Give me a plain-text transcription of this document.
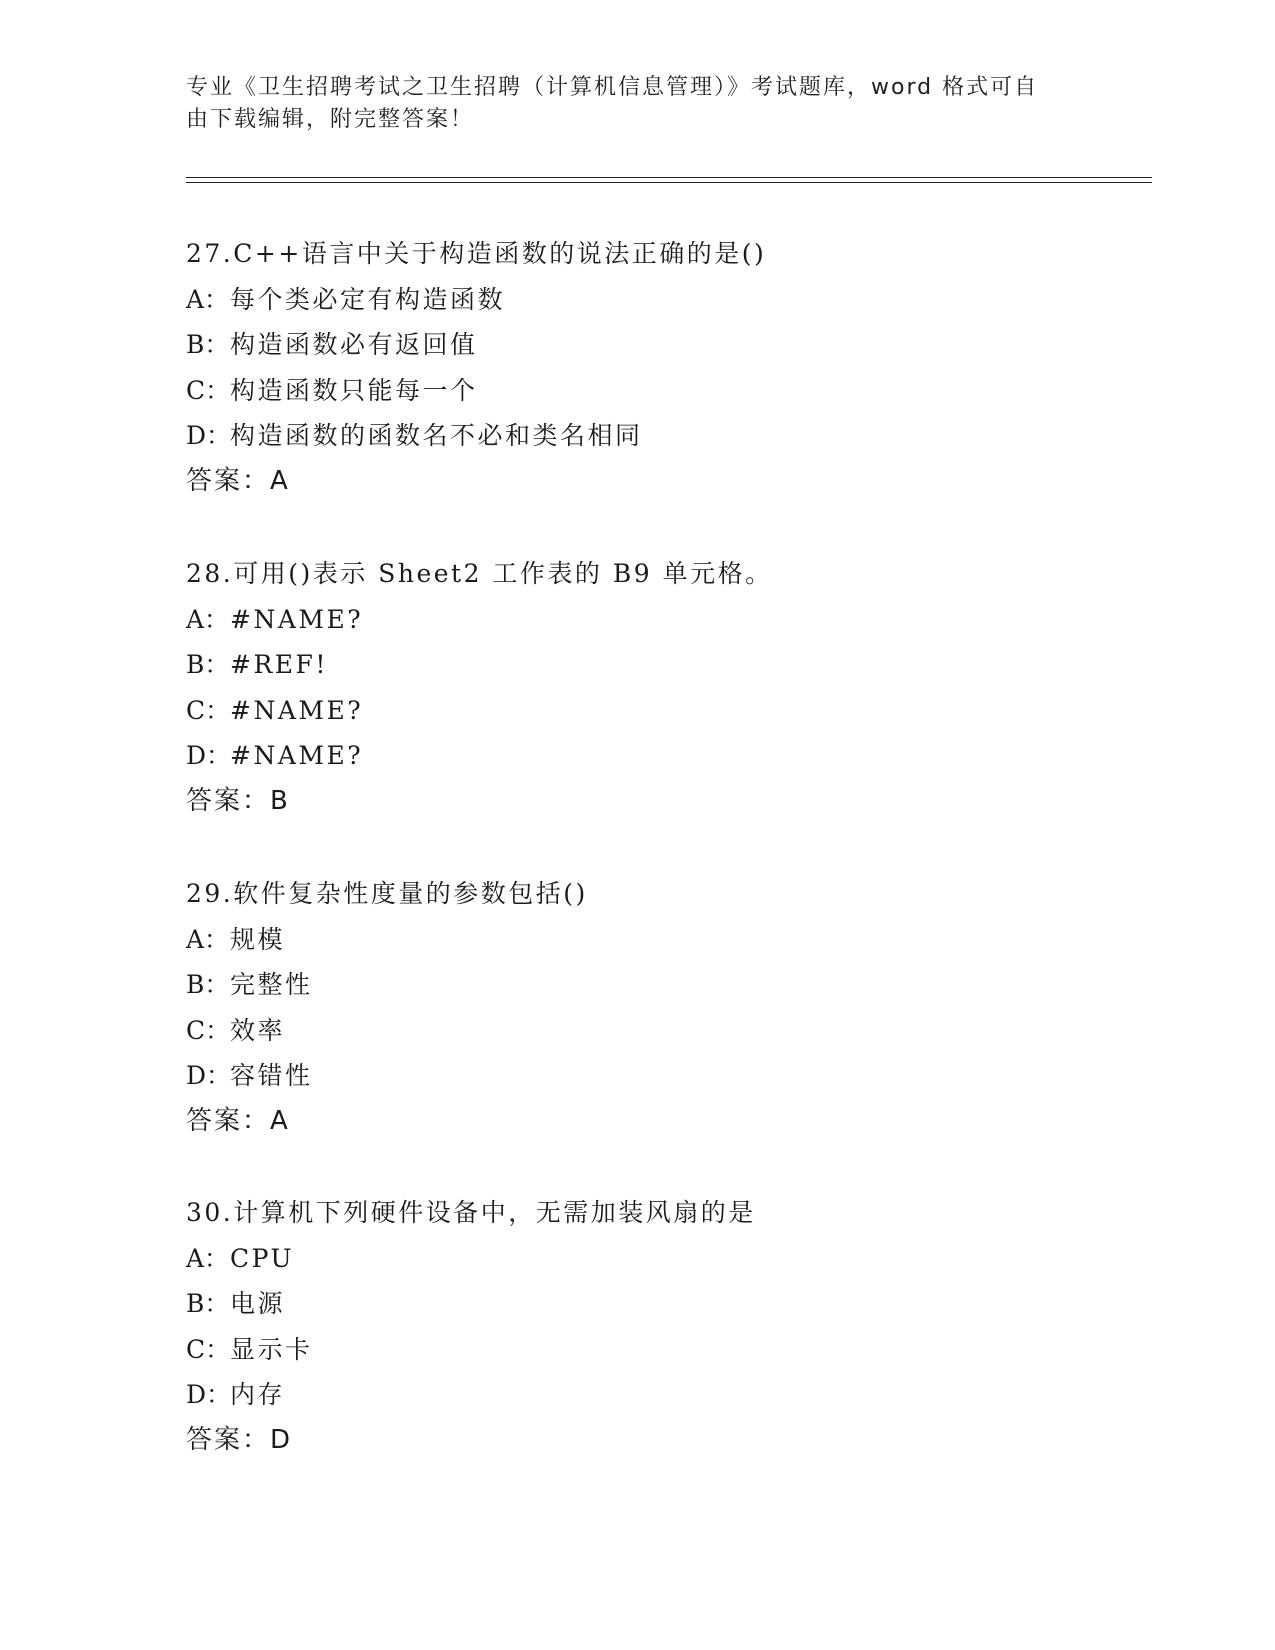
专业《卫生招聘考试之卫生招聘（计算机信息管理）》考试题库，word 格式可自

由下载编辑，附完整答案！

27.C++语言中关于构造函数的说法正确的是()
A：每个类必定有构造函数
B：构造函数必有返回值
C：构造函数只能每一个
D：构造函数的函数名不必和类名相同
答案：A
28.可用()表示 Sheet2 工作表的 B9 单元格。
A：#NAME?
B：#REF!
C：#NAME?
D：#NAME?
答案：B
29.软件复杂性度量的参数包括()
A：规模
B：完整性
C：效率
D：容错性
答案：A
30.计算机下列硬件设备中，无需加装风扇的是
A：CPU
B：电源
C：显示卡
D：内存
答案：D
